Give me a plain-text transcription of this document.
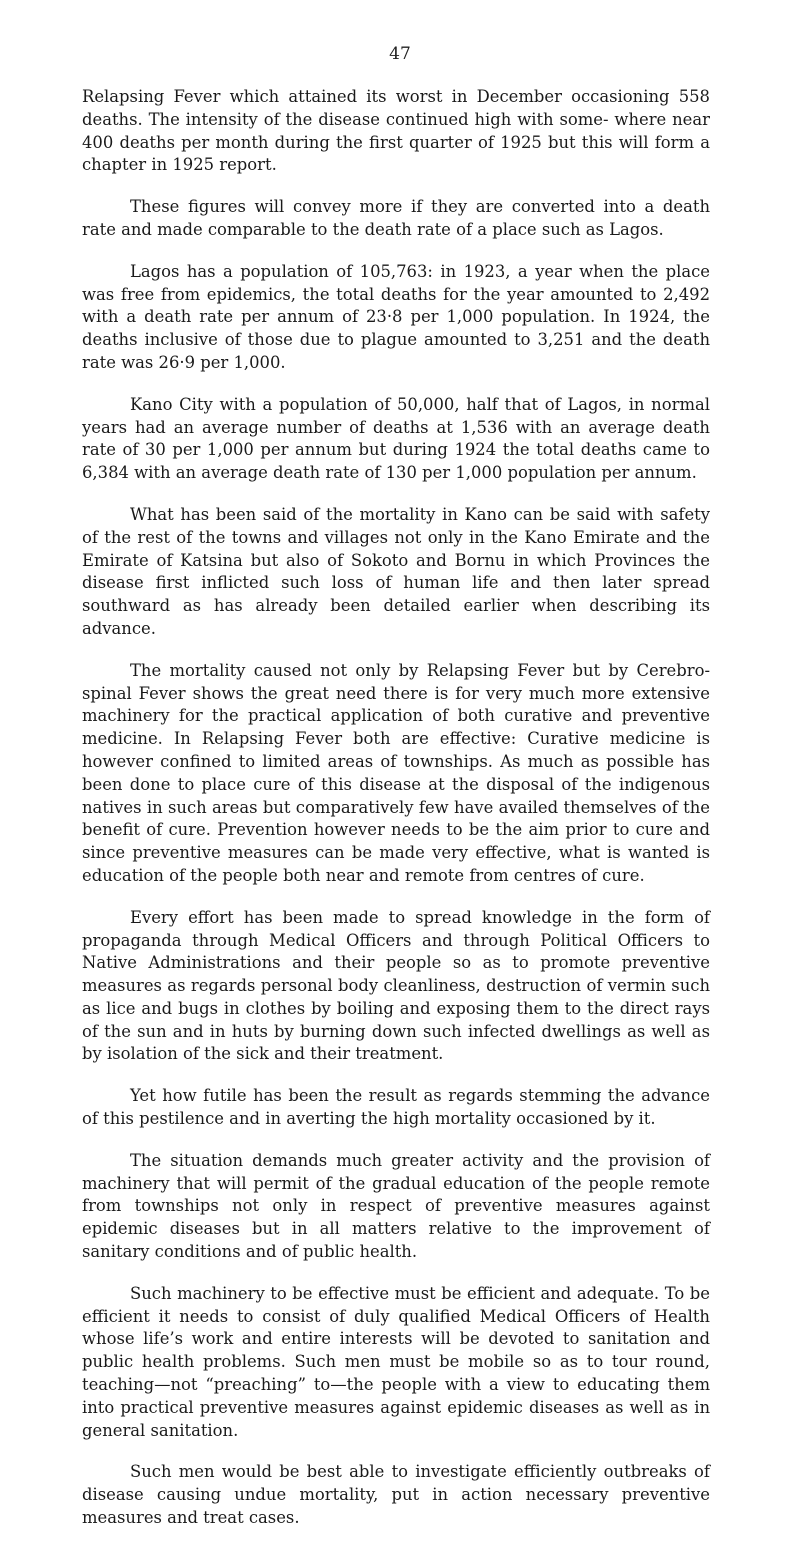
47

Relapsing Fever which attained its worst in December occasioning 558 deaths. The intensity of the disease continued high with some- where near 400 deaths per month during the first quarter of 1925 but this will form a chapter in 1925 report.

These figures will convey more if they are converted into a death rate and made comparable to the death rate of a place such as Lagos.

Lagos has a population of 105,763: in 1923, a year when the place was free from epidemics, the total deaths for the year amounted to 2,492 with a death rate per annum of 23·8 per 1,000 population. In 1924, the deaths inclusive of those due to plague amounted to 3,251 and the death rate was 26·9 per 1,000.

Kano City with a population of 50,000, half that of Lagos, in normal years had an average number of deaths at 1,536 with an average death rate of 30 per 1,000 per annum but during 1924 the total deaths came to 6,384 with an average death rate of 130 per 1,000 population per annum.

What has been said of the mortality in Kano can be said with safety of the rest of the towns and villages not only in the Kano Emirate and the Emirate of Katsina but also of Sokoto and Bornu in which Provinces the disease first inflicted such loss of human life and then later spread southward as has already been detailed earlier when describing its advance.

The mortality caused not only by Relapsing Fever but by Cerebro- spinal Fever shows the great need there is for very much more extensive machinery for the practical application of both curative and preventive medicine. In Relapsing Fever both are effective: Curative medicine is however confined to limited areas of townships. As much as possible has been done to place cure of this disease at the disposal of the indigenous natives in such areas but comparatively few have availed themselves of the benefit of cure. Prevention however needs to be the aim prior to cure and since preventive measures can be made very effective, what is wanted is education of the people both near and remote from centres of cure.

Every effort has been made to spread knowledge in the form of propaganda through Medical Officers and through Political Officers to Native Administrations and their people so as to promote preventive measures as regards personal body cleanliness, destruction of vermin such as lice and bugs in clothes by boiling and exposing them to the direct rays of the sun and in huts by burning down such infected dwellings as well as by isolation of the sick and their treatment.

Yet how futile has been the result as regards stemming the advance of this pestilence and in averting the high mortality occasioned by it.

The situation demands much greater activity and the provision of machinery that will permit of the gradual education of the people remote from townships not only in respect of preventive measures against epidemic diseases but in all matters relative to the improvement of sanitary conditions and of public health.

Such machinery to be effective must be efficient and adequate. To be efficient it needs to consist of duly qualified Medical Officers of Health whose life’s work and entire interests will be devoted to sanitation and public health problems. Such men must be mobile so as to tour round, teaching—not “preaching” to—the people with a view to educating them into practical preventive measures against epidemic diseases as well as in general sanitation.

Such men would be best able to investigate efficiently outbreaks of disease causing undue mortality, put in action necessary preventive measures and treat cases.
